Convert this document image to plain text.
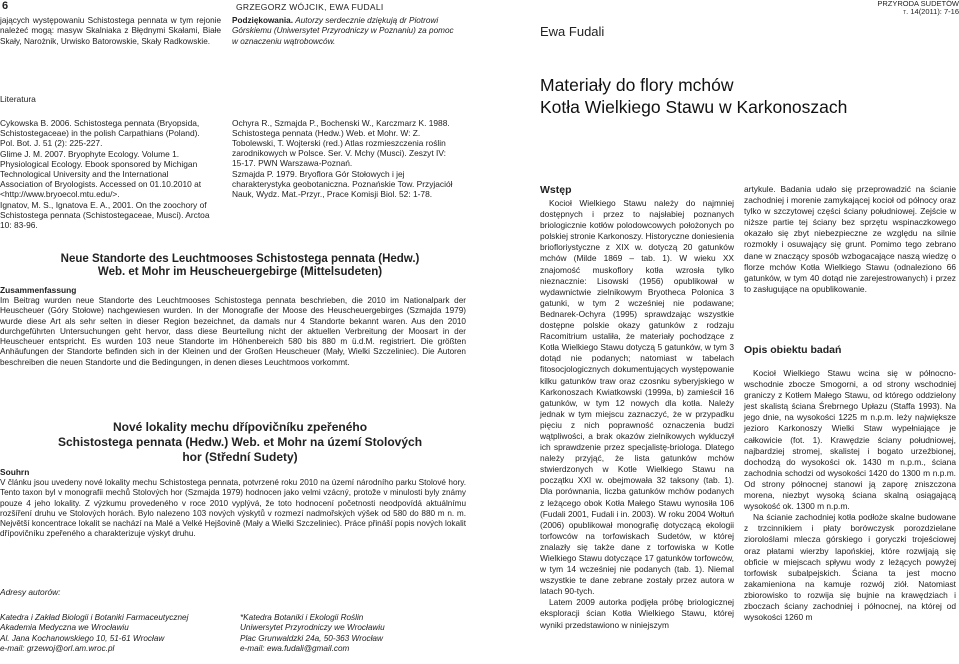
6	GRZEGORZ WÓJCIK, EWA FUDALI
jających występowaniu Schistostega pennata w tym rejonie należeć mogą: masyw Skalniaka z Błędnymi Skałami, Białe Skały, Narożnik, Urwisko Batorowskie, Skały Radkowskie.
Literatura
Cykowska B. 2006. Schistostega pennata (Bryopsida, Schistostegaceae) in the polish Carpathians (Poland). Pol. Bot. J. 51 (2): 225-227.
Glime J. M. 2007. Bryophyte Ecology. Volume 1. Physiological Ecology. Ebook sponsored by Michigan Technological University and the International Association of Bryologists. Accessed on 01.10.2010 at <http://www.bryoecol.mtu.edu/>.
Ignatov, M. S., Ignatova E. A., 2001. On the zoochory of Schistostega pennata (Schistostegaceae, Musci). Arctoa 10: 83-96.
Podziękowania. Autorzy serdecznie dziękują dr Piotrowi Górskiemu (Uniwersytet Przyrodniczy w Poznaniu) za pomoc w oznaczeniu wątrobowców.
Ochyra R., Szmajda P., Bochenski W., Karczmarz K. 1988. Schistostega pennata (Hedw.) Web. et Mohr. W: Z. Tobolewski, T. Wojterski (red.) Atlas rozmieszczenia roślin zarodnikowych w Polsce. Ser. V. Mchy (Musci). Zeszyt IV: 15-17. PWN Warszawa-Poznań.
Szmajda P. 1979. Bryoflora Gór Stołowych i jej charakterystyka geobotaniczna. Poznańskie Tow. Przyjaciół Nauk, Wydz. Mat.-Przyr., Prace Komisji Biol. 52: 1-78.
Neue Standorte des Leuchtmooses Schistostega pennata (Hedw.)
Web. et Mohr im Heuscheuergebirge (Mittelsudeten)
Zusammenfassung
Im Beitrag wurden neue Standorte des Leuchtmooses Schistostega pennata beschrieben, die 2010 im Nationalpark der Heuscheuer (Góry Stołowe) nachgewiesen wurden. In der Monografie der Moose des Heuscheuergebirges (Szmajda 1979) wurde diese Art als sehr selten in dieser Region bezeichnet, da damals nur 4 Standorte bekannt waren. Aus den 2010 durchgeführten Untersuchungen geht hervor, dass diese Beurteilung nicht der aktuellen Verbreitung der Moosart in der Heuscheuer entspricht. Es wurden 103 neue Standorte im Höhenbereich 580 bis 880 m ü.d.M. registriert. Die größten Anhäufungen der Standorte befinden sich in der Kleinen und der Großen Heuscheuer (Mały, Wielki Szczeliniec). Die Autoren beschreiben die neuen Standorte und die Bedingungen, in denen dieses Leuchtmoos vorkommt.
Nové lokality mechu dřípovičníku zpeřeného
Schistostega pennata (Hedw.) Web. et Mohr na území Stolových
hor (Střední Sudety)
Souhrn
V článku jsou uvedeny nové lokality mechu Schistostega pennata, potvrzené roku 2010 na území národního parku Stolové hory. Tento taxon byl v monografii mechů Stolových hor (Szmajda 1979) hodnocen jako velmi vzácný, protože v minulosti byly známy pouze 4 jeho lokality. Z výzkumu provedeného v roce 2010 vyplývá, že toto hodnocení početnosti neodpovídá aktuálnímu rozšíření druhu ve Stolových horách. Bylo nalezeno 103 nových výskytů v rozmezí nadmořských výšek od 580 do 880 m n. m. Největší koncentrace lokalit se nachází na Malé a Velké Hejšovině (Mały a Wielki Szczeliniec). Práce přináší popis nových lokalit dřípovičníku zpeřeného a charakterizuje výskyt druhu.
Adresy autorów:
Katedra i Zakład Biologii i Botaniki Farmaceutycznej
Akademia Medyczna we Wrocławiu
Al. Jana Kochanowskiego 10, 51-61 Wrocław
e-mail: grzewoj@orl.am.wroc.pl
*Katedra Botaniki i Ekologii Roślin
Uniwersytet Przyrodniczy we Wrocławiu
Plac Grunwaldzki 24a, 50-363 Wrocław
e-mail: ewa.fudali@gmail.com
PRZYRODA SUDETÓW
t. 14(2011): 7-16
Ewa Fudali
Materiały do flory mchów
Kotła Wielkiego Stawu w Karkonoszach
Wstęp

Kocioł Wielkiego Stawu należy do najmniej dostępnych i przez to najsłabiej poznanych briologicznie kotłów polodowcowych położonych po polskiej stronie Karkonoszy. Historyczne doniesienia briofloriystyczne z XIX w. dotyczą 20 gatunków mchów (Milde 1869 – tab. 1). W wieku XX znajomość muskoflory kotła wzrosła tylko nieznacznie: Lisowski (1956) opublikował w wydawnictwie zielnikowym Bryotheca Polonica 3 gatunki, w tym 2 wcześniej nie podawane; Bednarek-Ochyra (1995) sprawdzając wszystkie dostępne polskie okazy gatunków z rodzaju Racomitrium ustaliła, że materiały pochodzące z Kotła Wielkiego Stawu dotyczą 5 gatunków, w tym 3 dotąd nie podanych; natomiast w tabelach fitosocjologicznych dokumentujących występowanie kilku gatunków traw oraz czosnku syberyjskiego w Karkonoszach Kwiatkowski (1999a, b) zamieścił 16 gatunków, w tym 12 nowych dla kotła. Należy jednak w tym miejscu zaznaczyć, że w przypadku pięciu z nich poprawność oznaczenia budzi wątpliwości, a brak okazów zielnikowych wykluczył ich sprawdzenie przez specjalistę-briologa. Dlatego należy przyjąć, że lista gatunków mchów stwierdzonych w Kotle Wielkiego Stawu na początku XXI w. obejmowała 32 taksony (tab. 1). Dla porównania, liczba gatunków mchów podanych z leżącego obok Kotła Małego Stawu wynosiła 106 (Fudali 2001, Fudali i in. 2003). W roku 2004 Wołtuń (2006) opublikował monografię dotyczącą ekologii torfowców na torfowiskach Sudetów, w której znalazły się także dane z torfowiska w Kotle Wielkiego Stawu dotyczące 17 gatunków torfowców, w tym 14 wcześniej nie podanych (tab. 1). Niemal wszystkie te dane zebrane zostały przez autora w latach 90-tych.

Latem 2009 autorka podjęła próbę briologicznej eksploracji ścian Kotła Wielkiego Stawu, której wyniki przedstawiono w niniejszym

artykule. Badania udało się przeprowadzić na ścianie zachodniej i morenie zamykającej kocioł od północy oraz tylko w szczytowej części ściany południowej. Zejście w niższe partie tej ściany bez sprzętu wspinaczkowego okazało się zbyt niebezpieczne ze względu na silnie rozmokły i osuwający się grunt. Pomimo tego zebrano dane w znaczący sposób wzbogacające naszą wiedzę o florze mchów Kotła Wielkiego Stawu (odnaleziono 66 gatunków, w tym 40 dotąd nie zarejestrowanych) i przez to zasługujące na opublikowanie.
Opis obiektu badań

Kocioł Wielkiego Stawu wcina się w północno-wschodnie zbocze Smogorni, a od strony wschodniej graniczy z Kotłem Małego Stawu, od którego oddzielony jest skalistą ściana Śrebrnego Upłazu (Staffa 1993). Na jego dnie, na wysokości 1225 m n.p.m. leży największe jezioro Karkonoszy Wielki Staw wypełniające je całkowicie (fot. 1). Krawędzie ściany południowej, najbardziej stromej, skalistej i bogato urzeźbionej, dochodzą do wysokości ok. 1430 m n.p.m., ściana zachodnia schodzi od wysokości 1420 do 1300 m n.p.m. Od strony północnej stanowi ją zaporę zniszczona morena, niezbyt wysoką ściana skalną osiągającą wysokość ok. 1300 m n.p.m.

Na ścianie zachodniej kotła podłoże skalne budowane z trzcinnikiem i płaty borówczysk porozdzielane zioroloślami mlecza górskiego i goryczki trojeściowej oraz płatami wierzby lapońskiej, które rozwijają się obficie w miejscach spływu wody z leżących powyżej torfowisk subalpejskich. Ściana ta jest mocno zakamieniona na kamuje rozwój ziół. Natomiast zbiorowisko to rozwija się bujnie na krawędziach i zboczach ściany zachodniej i północnej, na której od wysokości 1260 m
